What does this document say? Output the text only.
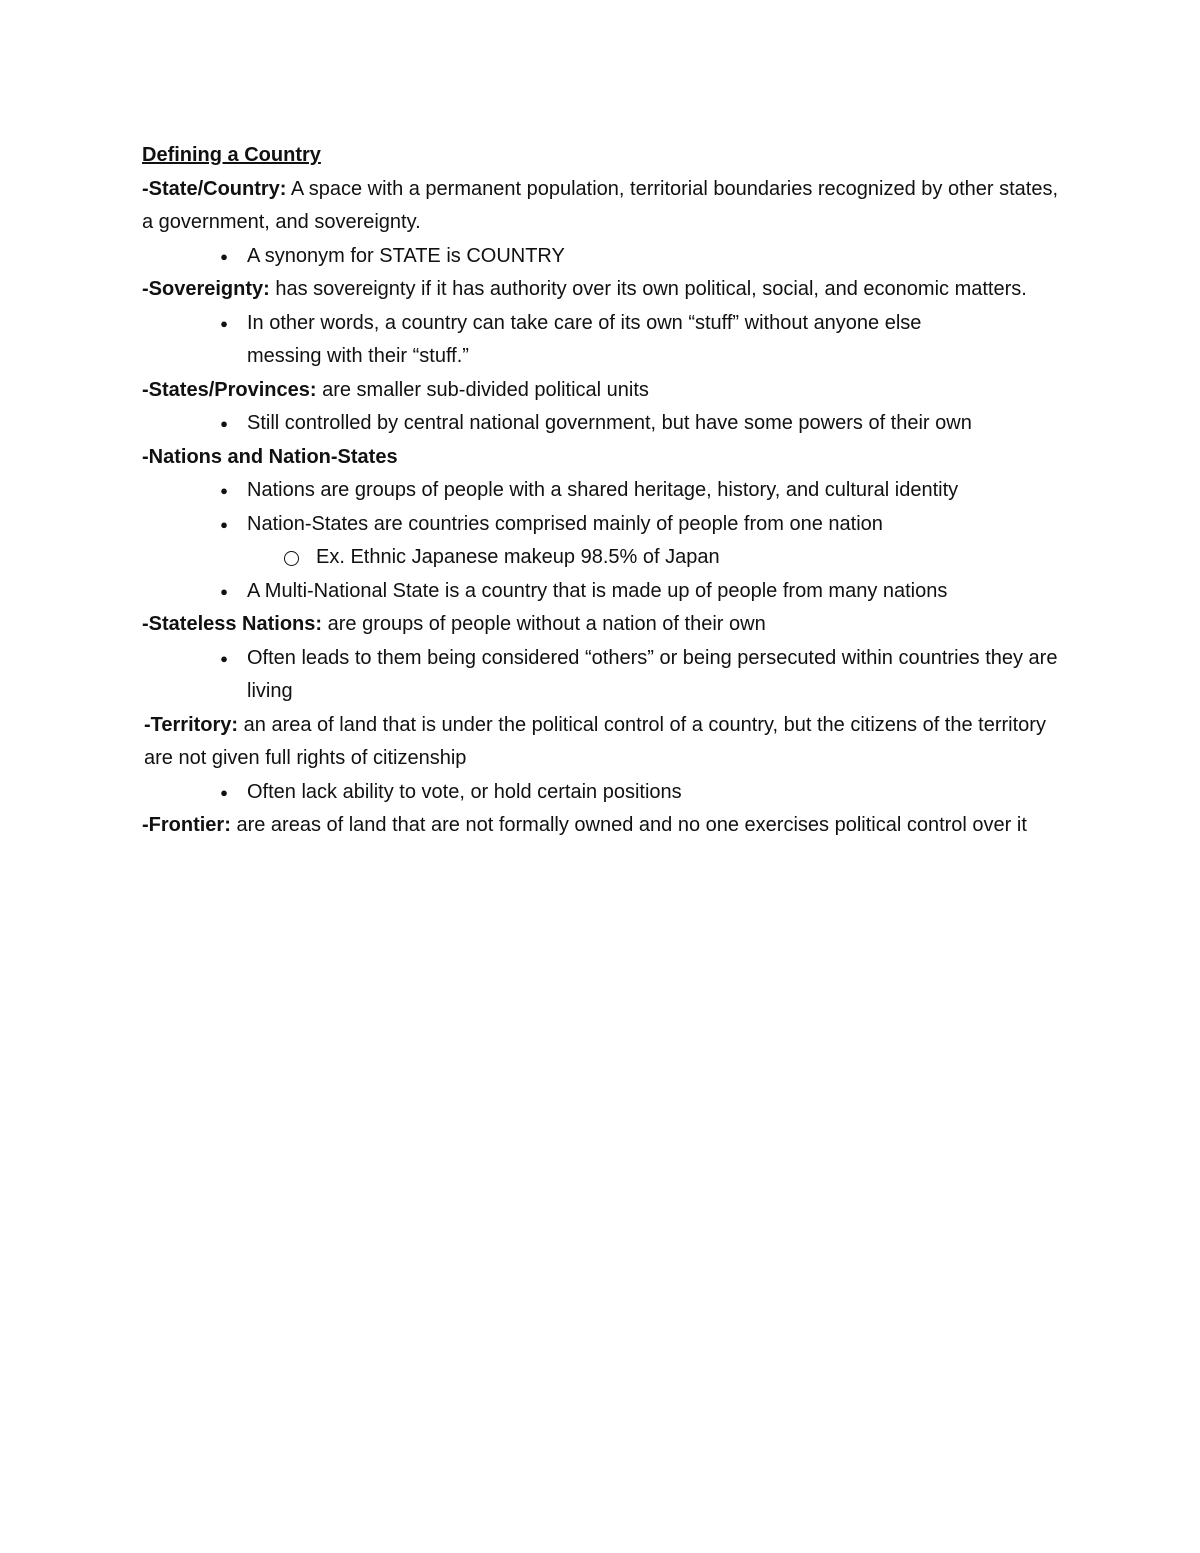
Defining a Country

-State/Country: A space with a permanent population, territorial boundaries recognized by other states, a government, and sovereignty.

● A synonym for STATE is COUNTRY

-Sovereignty: has sovereignty if it has authority over its own political, social, and economic matters.

● In other words, a country can take care of its own “stuff” without anyone else messing with their “stuff.”

-States/Provinces: are smaller sub-divided political units

● Still controlled by central national government, but have some powers of their own

-Nations and Nation-States

● Nations are groups of people with a shared heritage, history, and cultural identity

● Nation-States are countries comprised mainly of people from one nation

Ex. Ethnic Japanese makeup 98.5% of Japan

● A Multi-National State is a country that is made up of people from many nations

-Stateless Nations: are groups of people without a nation of their own

● Often leads to them being considered “others” or being persecuted within countries they are living

-Territory: an area of land that is under the political control of a country, but the citizens of the territory are not given full rights of citizenship

● Often lack ability to vote, or hold certain positions

-Frontier: are areas of land that are not formally owned and no one exercises political control over it
